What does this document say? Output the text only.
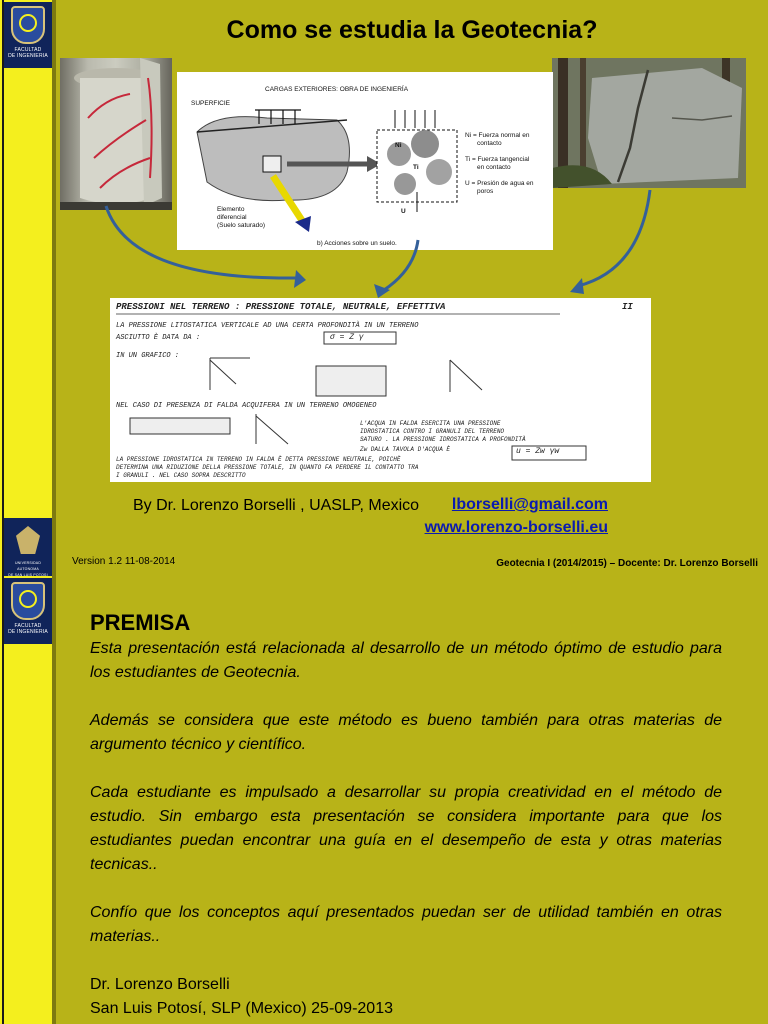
FACULTAD
DE INGENIERIA
UNIVERSIDAD AUTONOMA
DE SAN LUIS POTOSI
FACULTAD
DE INGENIERIA
Como se estudia la Geotecnia?
CARGAS EXTERIORES: OBRA DE INGENIERÍA
SUPERFICIE
Elemento
diferencial
(Suelo saturado)
b) Acciones sobre un suelo.
Ni
Ti
U
Ni = Fuerza normal en
contacto
Ti = Fuerza tangencial
en contacto
U = Presión de agua en
poros
PRESSIONI NEL TERRENO : PRESSIONE TOTALE, NEUTRALE, EFFETTIVA	II
LA PRESSIONE LITOSTATICA VERTICALE AD UNA CERTA PROFONDITÀ IN UN TERRENO
ASCIUTTO È DATA DA :	σ = Z γ
IN UN GRAFICO :
NEL CASO DI PRESENZA DI FALDA ACQUIFERA IN UN TERRENO OMOGENEO
L'ACQUA IN FALDA ESERCITA UNA PRESSIONE
IDROSTATICA CONTRO I GRANULI DEL TERRENO
SATURO . LA PRESSIONE IDROSTATICA A PROFONDITÀ
Zw DALLA TAVOLA D'ACQUA È	u = Zw γw
LA PRESSIONE IDROSTATICA IN TERRENO IN FALDA È DETTA PRESSIONE NEUTRALE, POICHÈ
DETERMINA UNA RIDUZIONE DELLA PRESSIONE TOTALE, IN QUANTO FA PERDERE IL CONTATTO TRA
I GRANULI . NEL CASO SOPRA DESCRITTO
By Dr. Lorenzo Borselli , UASLP, Mexico lborselli@gmail.com
www.lorenzo-borselli.eu
Version 1.2 11-08-2014	Geotecnia I (2014/2015) – Docente: Dr. Lorenzo Borselli
PREMISA

Esta presentación está relacionada al desarrollo de un método óptimo de estudio para los estudiantes de Geotecnia.

Además se considera que este método es bueno también para otras materias de argumento técnico y científico.

Cada estudiante es impulsado a desarrollar su propia creatividad en el método de estudio. Sin embargo esta presentación se considera importante para que los estudiantes puedan encontrar una guía en el desempeño de esta y otras materias tecnicas..

Confío que los conceptos aquí presentados puedan ser de utilidad también en otras materias..

Dr. Lorenzo Borselli

San Luis Potosí, SLP (Mexico) 25-09-2013
